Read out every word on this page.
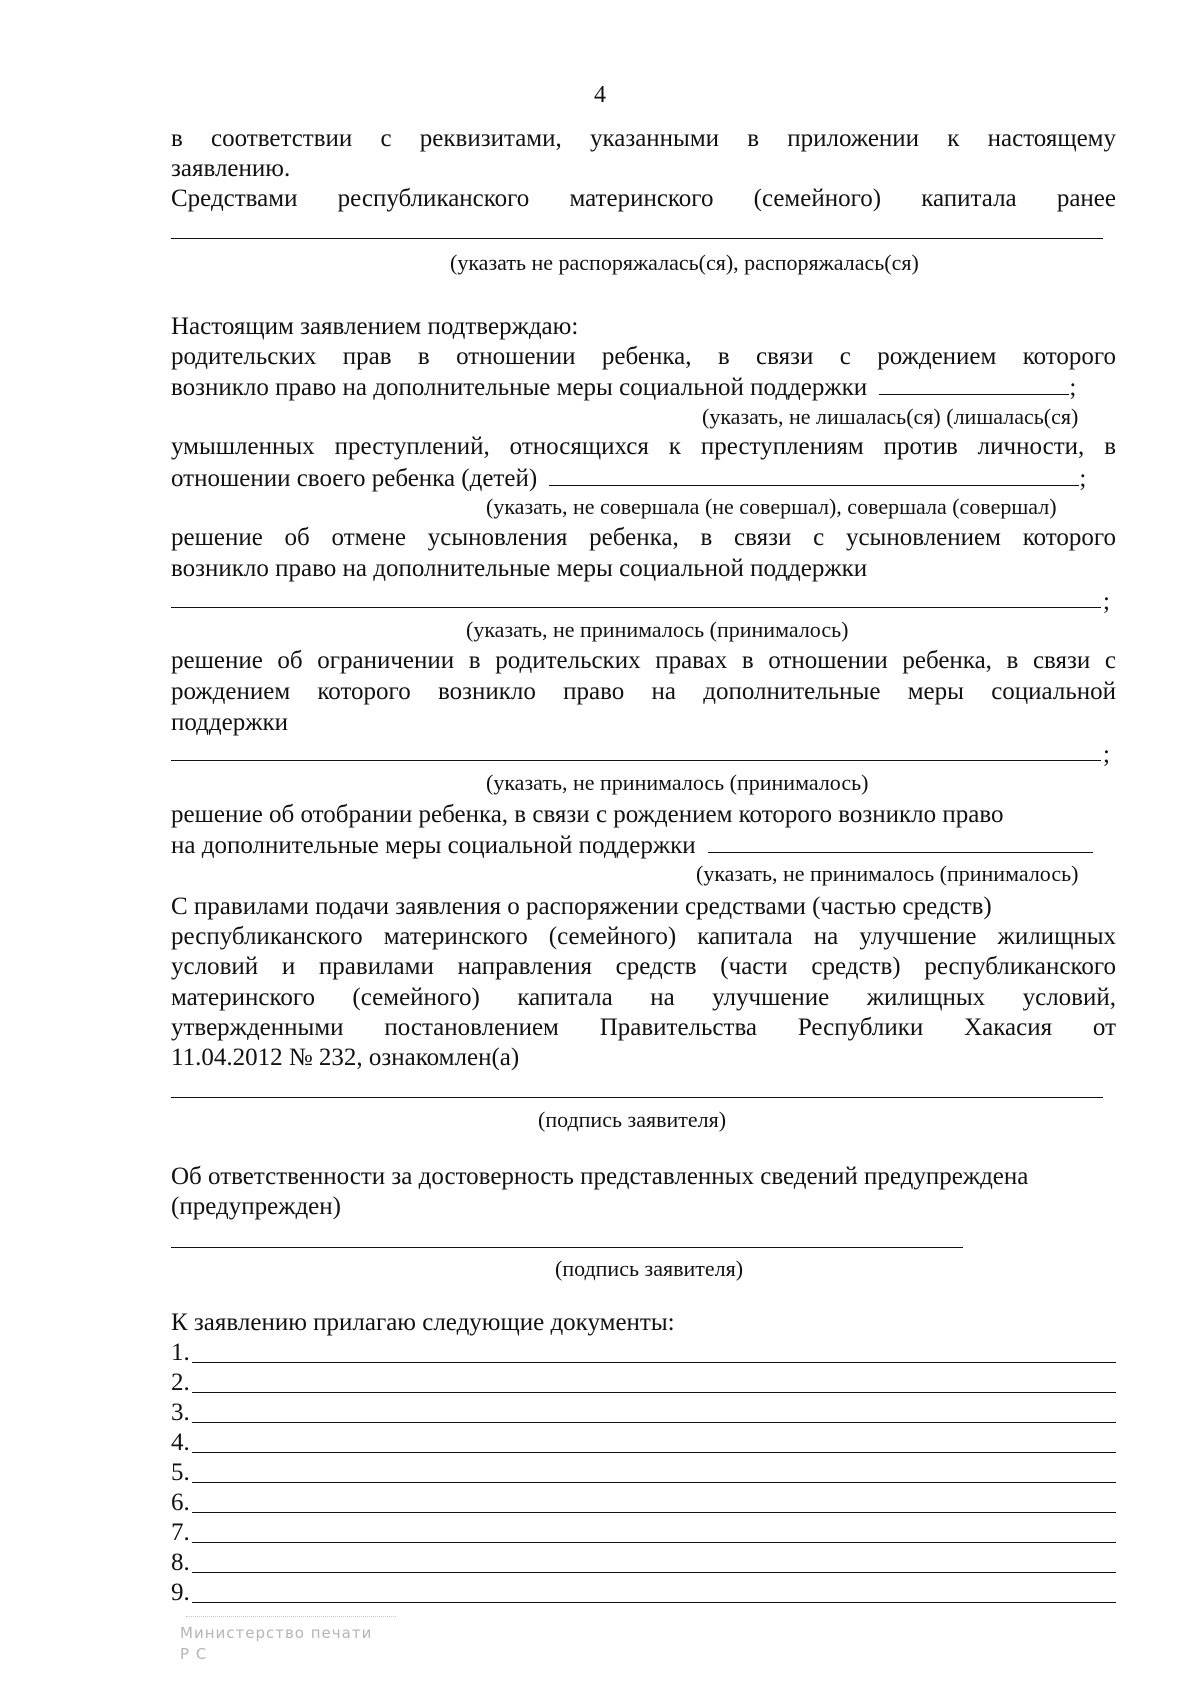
4
в соответствии с реквизитами, указанными в приложении к настоящему
заявлению.
Средствами республиканского материнского (семейного) капитала ранее
(указать не распоряжалась(ся), распоряжалась(ся)
Настоящим заявлением подтверждаю:
родительских прав в отношении ребенка, в связи с рождением которого
возникло право на дополнительные меры социальной поддержки	;
(указать, не лишалась(ся) (лишалась(ся)
умышленных преступлений, относящихся к преступлениям против личности, в
отношении своего ребенка (детей)	;
(указать, не совершала (не совершал), совершала (совершал)
решение об отмене усыновления ребенка, в связи с усыновлением которого
возникло право на дополнительные меры социальной поддержки
;
(указать, не принималось (принималось)
решение об ограничении в родительских правах в отношении ребенка, в связи с
рождением которого возникло право на дополнительные меры социальной
поддержки
;
(указать, не принималось (принималось)
решение об отобрании ребенка, в связи с рождением которого возникло право
на дополнительные меры социальной поддержки
(указать, не принималось (принималось)
С правилами подачи заявления о распоряжении средствами (частью средств)
республиканского материнского (семейного) капитала на улучшение жилищных
условий и правилами направления средств (части средств) республиканского
материнского (семейного) капитала на улучшение жилищных условий,
утвержденными постановлением Правительства Республики Хакасия от
11.04.2012 № 232, ознакомлен(а)
(подпись заявителя)
Об ответственности за достоверность представленных сведений предупреждена
(предупрежден)
(подпись заявителя)
К заявлению прилагаю следующие документы:
1.
2.
3.
4.
5.
6.
7.
8.
9.
Министерство печати
Р С
